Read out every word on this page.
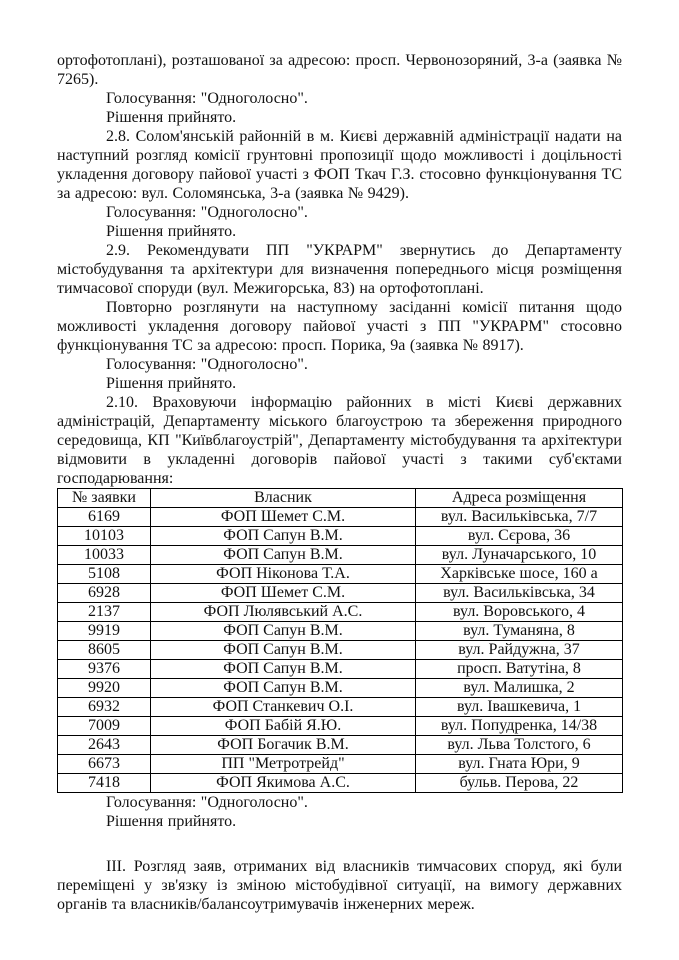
ортофотоплані), розташованої за адресою: просп. Червонозоряний, 3-а (заявка № 7265).

Голосування: "Одноголосно".

Рішення прийнято.

2.8. Солом'янській районній в м. Києві державній адміністрації надати на наступний розгляд комісії грунтовні пропозиції щодо можливості і доцільності укладення договору пайової участі з ФОП Ткач Г.З. стосовно функціонування ТС за адресою: вул. Соломянська, 3-а (заявка № 9429).

Голосування: "Одноголосно".

Рішення прийнято.

2.9. Рекомендувати ПП "УКРАРМ" звернутись до Департаменту містобудування та архітектури для визначення попереднього місця розміщення тимчасової споруди (вул. Межигорська, 83) на ортофотоплані.

Повторно розглянути на наступному засіданні комісії питання щодо можливості укладення договору пайової участі з ПП "УКРАРМ" стосовно функціонування ТС за адресою: просп. Порика, 9а (заявка № 8917).

Голосування: "Одноголосно".

Рішення прийнято.

2.10. Враховуючи інформацію районних в місті Києві державних адміністрацій, Департаменту міського благоустрою та збереження природного середовища, КП "Київблагоустрій", Департаменту містобудування та архітектури відмовити в укладенні договорів пайової участі з такими суб'єктами господарювання:

№ заявки	Власник	Адреса розміщення
6169	ФОП Шемет С.М.	вул. Васильківська, 7/7
10103	ФОП Сапун В.М.	вул. Сєрова, 36
10033	ФОП Сапун В.М.	вул. Луначарського, 10
5108	ФОП Ніконова Т.А.	Харківське шосе, 160 а
6928	ФОП Шемет С.М.	вул. Васильківська, 34
2137	ФОП Люлявський А.С.	вул. Воровського, 4
9919	ФОП Сапун В.М.	вул. Туманяна, 8
8605	ФОП Сапун В.М.	вул. Райдужна, 37
9376	ФОП Сапун В.М.	просп. Ватутіна, 8
9920	ФОП Сапун В.М.	вул. Малишка, 2
6932	ФОП Станкевич О.І.	вул. Івашкевича, 1
7009	ФОП Бабій Я.Ю.	вул. Попудренка, 14/38
2643	ФОП Богачик В.М.	вул. Льва Толстого, 6
6673	ПП "Метротрейд"	вул. Гната Юри, 9
7418	ФОП Якимова А.С.	бульв. Перова, 22

Голосування: "Одноголосно".

Рішення прийнято.

III. Розгляд заяв, отриманих від власників тимчасових споруд, які були переміщені у зв'язку із зміною містобудівної ситуації, на вимогу державних органів та власників/балансоутримувачів інженерних мереж.
